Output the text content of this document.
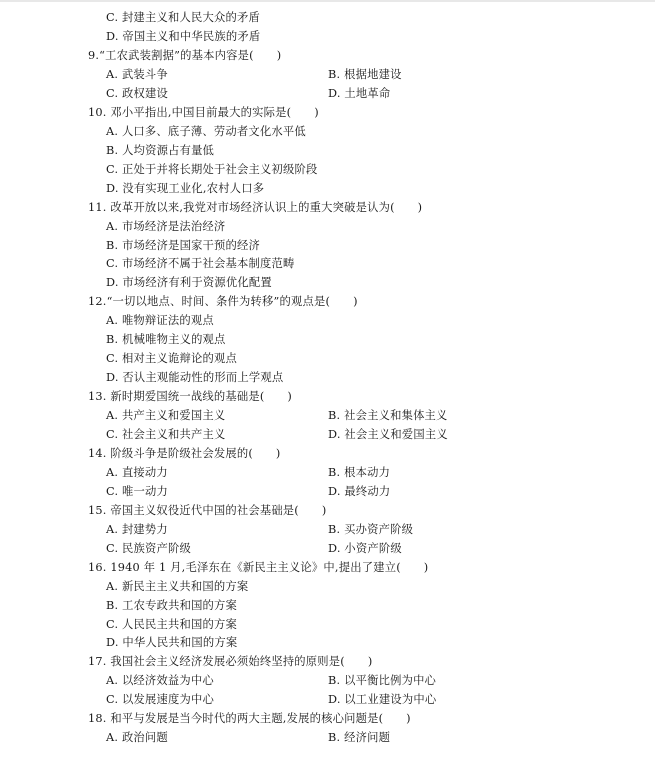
C. 封建主义和人民大众的矛盾
D. 帝国主义和中华民族的矛盾
9.“工农武装割据”的基本内容是(　　)
A. 武装斗争	B. 根据地建设
C. 政权建设	D. 土地革命
10. 邓小平指出,中国目前最大的实际是(　　)
A. 人口多、底子薄、劳动者文化水平低
B. 人均资源占有量低
C. 正处于并将长期处于社会主义初级阶段
D. 没有实现工业化,农村人口多
11. 改革开放以来,我党对市场经济认识上的重大突破是认为(　　)
A. 市场经济是法治经济
B. 市场经济是国家干预的经济
C. 市场经济不属于社会基本制度范畴
D. 市场经济有利于资源优化配置
12.“一切以地点、时间、条件为转移”的观点是(　　)
A. 唯物辩证法的观点
B. 机械唯物主义的观点
C. 相对主义诡辩论的观点
D. 否认主观能动性的形而上学观点
13. 新时期爱国统一战线的基础是(　　)
A. 共产主义和爱国主义	B. 社会主义和集体主义
C. 社会主义和共产主义	D. 社会主义和爱国主义
14. 阶级斗争是阶级社会发展的(　　)
A. 直接动力	B. 根本动力
C. 唯一动力	D. 最终动力
15. 帝国主义奴役近代中国的社会基础是(　　)
A. 封建势力	B. 买办资产阶级
C. 民族资产阶级	D. 小资产阶级
16. 1940 年 1 月,毛泽东在《新民主主义论》中,提出了建立(　　)
A. 新民主主义共和国的方案
B. 工农专政共和国的方案
C. 人民民主共和国的方案
D. 中华人民共和国的方案
17. 我国社会主义经济发展必须始终坚持的原则是(　　)
A. 以经济效益为中心	B. 以平衡比例为中心
C. 以发展速度为中心	D. 以工业建设为中心
18. 和平与发展是当今时代的两大主题,发展的核心问题是(　　)
A. 政治问题	B. 经济问题
